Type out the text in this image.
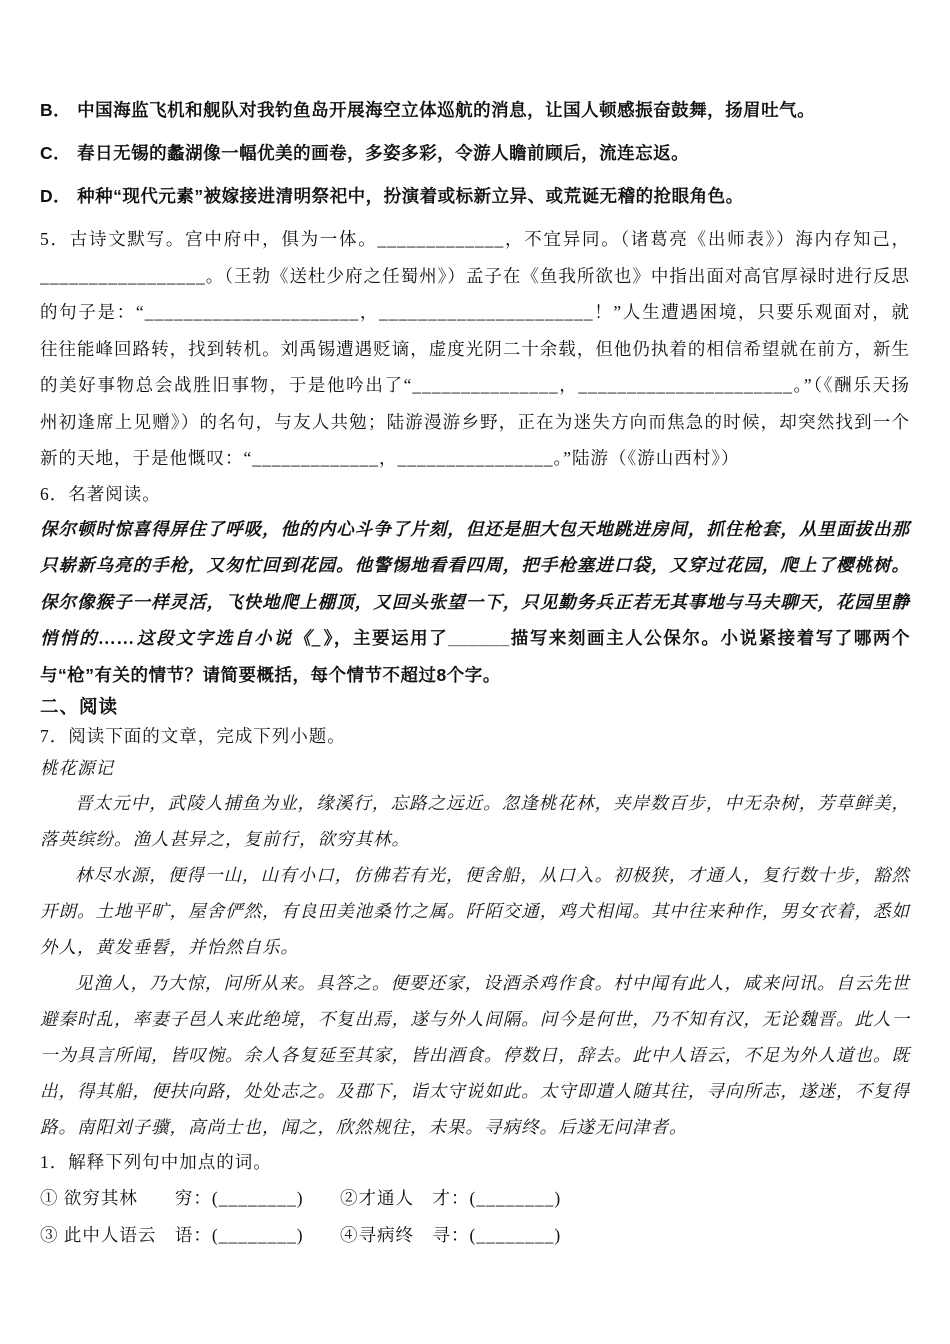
B． 中国海监飞机和舰队对我钓鱼岛开展海空立体巡航的消息，让国人顿感振奋鼓舞，扬眉吐气。

C． 春日无锡的蠡湖像一幅优美的画卷，多姿多彩，令游人瞻前顾后，流连忘返。

D． 种种“现代元素”被嫁接进清明祭祀中，扮演着或标新立异、或荒诞无稽的抢眼角色。

5．古诗文默写。宫中府中，俱为一体。_____________，不宜异同。（诸葛亮《出师表》）海内存知己，_________________。（王勃《送杜少府之任蜀州》）孟子在《鱼我所欲也》中指出面对高官厚禄时进行反思的句子是：“______________________，______________________！”人生遭遇困境，只要乐观面对，就往往能峰回路转，找到转机。刘禹锡遭遇贬谪，虚度光阴二十余载，但他仍执着的相信希望就在前方，新生的美好事物总会战胜旧事物，于是他吟出了“_______________，______________________。”（《酬乐天扬州初逢席上见赠》）的名句，与友人共勉；陆游漫游乡野，正在为迷失方向而焦急的时候，却突然找到一个新的天地，于是他慨叹：“_____________，________________。”陆游（《游山西村》）

6．名著阅读。

保尔顿时惊喜得屏住了呼吸，他的内心斗争了片刻，但还是胆大包天地跳进房间，抓住枪套，从里面拔出那只崭新乌亮的手枪，又匆忙回到花园。他警惕地看看四周，把手枪塞进口袋，又穿过花园，爬上了樱桃树。保尔像猴子一样灵活，飞快地爬上棚顶，又回头张望一下，只见勤务兵正若无其事地与马夫聊天，花园里静悄悄的……这段文字选自小说《_》，主要运用了______描写来刻画主人公保尔。小说紧接着写了哪两个与“枪”有关的情节？请简要概括，每个情节不超过8个字。

二、阅读

7．阅读下面的文章，完成下列小题。

桃花源记

晋太元中，武陵人捕鱼为业，缘溪行，忘路之远近。忽逢桃花林，夹岸数百步，中无杂树，芳草鲜美，落英缤纷。渔人甚异之，复前行，欲穷其林。

林尽水源，便得一山，山有小口，仿佛若有光，便舍船，从口入。初极狭，才通人，复行数十步，豁然开朗。土地平旷，屋舍俨然，有良田美池桑竹之属。阡陌交通，鸡犬相闻。其中往来种作，男女衣着，悉如外人，黄发垂髫，并怡然自乐。

见渔人，乃大惊，问所从来。具答之。便要还家，设酒杀鸡作食。村中闻有此人，咸来问讯。自云先世避秦时乱，率妻子邑人来此绝境，不复出焉，遂与外人间隔。问今是何世，乃不知有汉，无论魏晋。此人一一为具言所闻，皆叹惋。余人各复延至其家，皆出酒食。停数日，辞去。此中人语云，不足为外人道也。既出，得其船，便扶向路，处处志之。及郡下，诣太守说如此。太守即遣人随其往，寻向所志，遂迷，不复得路。南阳刘子骥，高尚士也，闻之，欣然规往，未果。寻病终。后遂无问津者。

1．解释下列句中加点的词。

① 欲穷其林　　穷：(________)	②才通人　才：(________)
③ 此中人语云　语：(________)	④寻病终　寻：(________)
